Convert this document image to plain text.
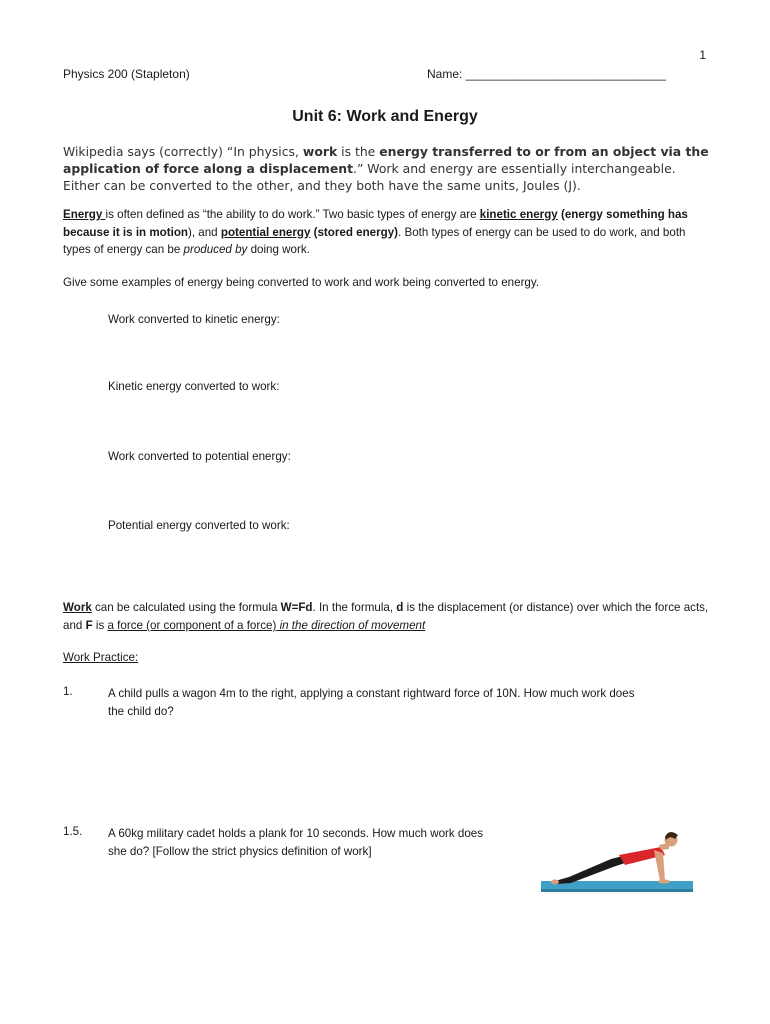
1
Physics 200 (Stapleton)	Name: ______________________________
Unit 6: Work and Energy
Wikipedia says (correctly) “In physics, work is the energy transferred to or from an object via the application of force along a displacement.” Work and energy are essentially interchangeable. Either can be converted to the other, and they both have the same units, Joules (J).
Energy is often defined as “the ability to do work.” Two basic types of energy are kinetic energy (energy something has because it is in motion), and potential energy (stored energy). Both types of energy can be used to do work, and both types of energy can be produced by doing work.
Give some examples of energy being converted to work and work being converted to energy.
Work converted to kinetic energy:
Kinetic energy converted to work:
Work converted to potential energy:
Potential energy converted to work:
Work can be calculated using the formula W=Fd. In the formula, d is the displacement (or distance) over which the force acts, and F is a force (or component of a force) in the direction of movement
Work Practice:
1.	A child pulls a wagon 4m to the right, applying a constant rightward force of 10N. How much work does
the child do?
1.5. A 60kg military cadet holds a plank for 10 seconds. How much work does
she do? [Follow the strict physics definition of work]
